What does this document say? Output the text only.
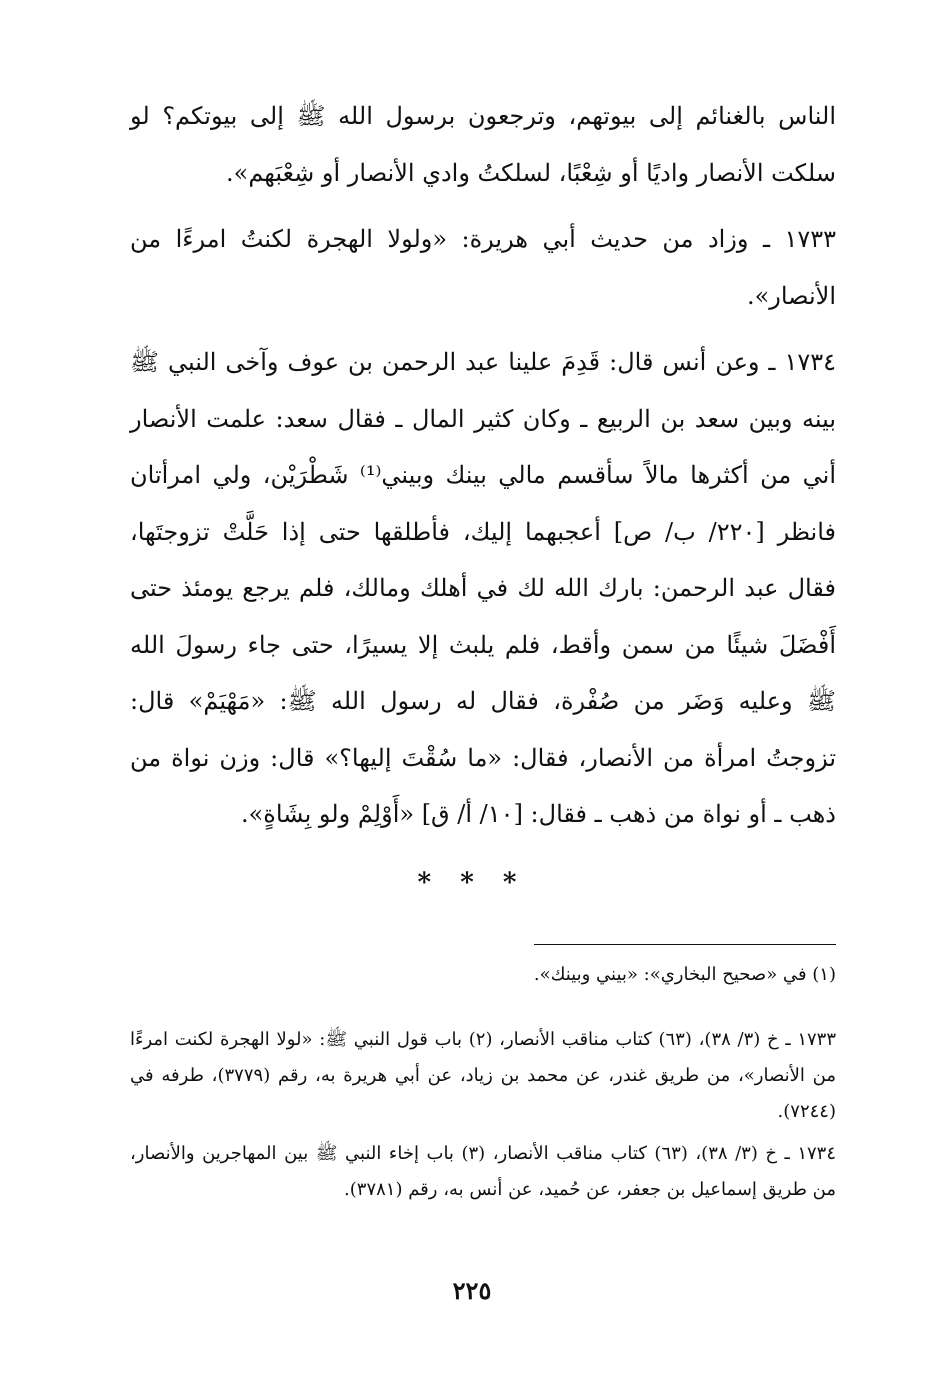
الناس بالغنائم إلى بيوتهم، وترجعون برسول الله ﷺ إلى بيوتكم؟ لو سلكت الأنصار واديًا أو شِعْبًا، لسلكتُ وادي الأنصار أو شِعْبَهم».

١٧٣٣ ـ وزاد من حديث أبي هريرة: «ولولا الهجرة لكنتُ امرءًا من الأنصار».

١٧٣٤ ـ وعن أنس قال: قَدِمَ علينا عبد الرحمن بن عوف وآخى النبي ﷺ بينه وبين سعد بن الربيع ـ وكان كثير المال ـ فقال سعد: علمت الأنصار أني من أكثرها مالاً سأقسم مالي بينك وبيني⁽¹⁾ شَطْرَيْن، ولي امرأتان فانظر [٢٢٠/ ب/ ص] أعجبهما إليك، فأطلقها حتى إذا حَلَّتْ تزوجتَها، فقال عبد الرحمن: بارك الله لك في أهلك ومالك، فلم يرجع يومئذ حتى أَفْضَلَ شيئًا من سمن وأقط، فلم يلبث إلا يسيرًا، حتى جاء رسولَ الله ﷺ وعليه وَضَر من صُفْرة، فقال له رسول الله ﷺ: «مَهْيَمْ» قال: تزوجتُ امرأة من الأنصار، فقال: «ما سُقْتَ إليها؟» قال: وزن نواة من ذهب ـ أو نواة من ذهب ـ فقال: [١٠/ أ/ ق] «أَوْلِمْ ولو بِشَاةٍ».

* * *
(١) في «صحيح البخاري»: «بيني وبينك».

١٧٣٣ ـ خ (٣/ ٣٨)، (٦٣) كتاب مناقب الأنصار، (٢) باب قول النبي ﷺ: «لولا الهجرة لكنت امرءًا من الأنصار»، من طريق غندر، عن محمد بن زياد، عن أبي هريرة به، رقم (٣٧٧٩)، طرفه في (٧٢٤٤).

١٧٣٤ ـ خ (٣/ ٣٨)، (٦٣) كتاب مناقب الأنصار، (٣) باب إخاء النبي ﷺ بين المهاجرين والأنصار، من طريق إسماعيل بن جعفر، عن حُميد، عن أنس به، رقم (٣٧٨١).

٢٢٥
